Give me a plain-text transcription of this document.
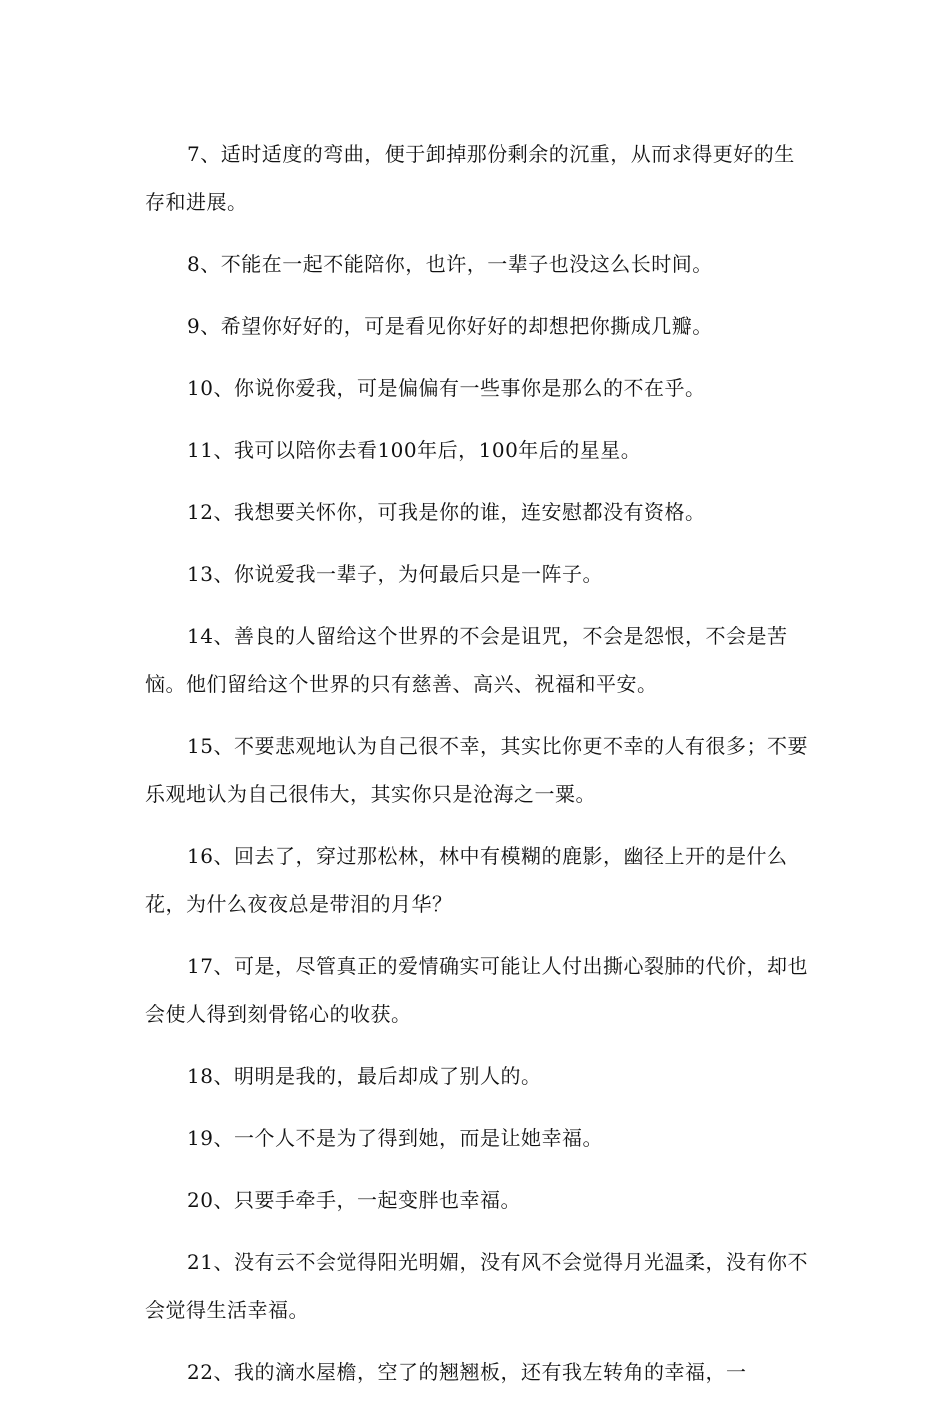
7、适时适度的弯曲，便于卸掉那份剩余的沉重，从而求得更好的生存和进展。

8、不能在一起不能陪你，也许，一辈子也没这么长时间。

9、希望你好好的，可是看见你好好的却想把你撕成几瓣。

10、你说你爱我，可是偏偏有一些事你是那么的不在乎。

11、我可以陪你去看100年后，100年后的星星。

12、我想要关怀你，可我是你的谁，连安慰都没有资格。

13、你说爱我一辈子，为何最后只是一阵子。

14、善良的人留给这个世界的不会是诅咒，不会是怨恨，不会是苦恼。他们留给这个世界的只有慈善、高兴、祝福和平安。

15、不要悲观地认为自己很不幸，其实比你更不幸的人有很多；不要乐观地认为自己很伟大，其实你只是沧海之一粟。

16、回去了，穿过那松林，林中有模糊的鹿影，幽径上开的是什么花，为什么夜夜总是带泪的月华？

17、可是，尽管真正的爱情确实可能让人付出撕心裂肺的代价，却也会使人得到刻骨铭心的收获。

18、明明是我的，最后却成了别人的。

19、一个人不是为了得到她，而是让她幸福。

20、只要手牵手，一起变胖也幸福。

21、没有云不会觉得阳光明媚，没有风不会觉得月光温柔，没有你不会觉得生活幸福。

22、我的滴水屋檐，空了的翘翘板，还有我左转角的幸福，一
